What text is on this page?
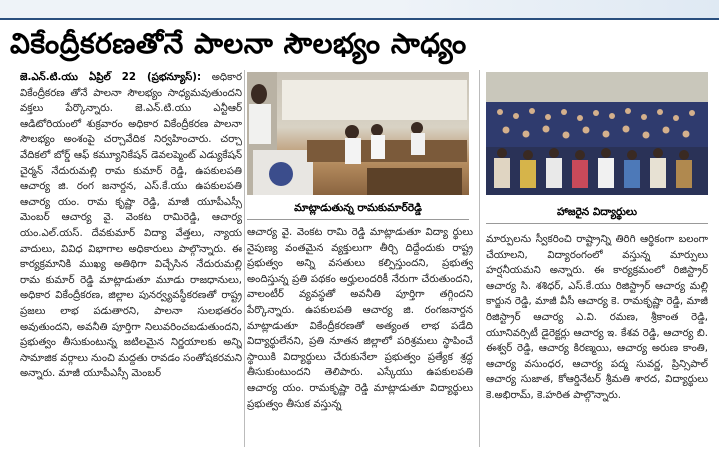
వికేంద్రీకరణతోనే పాలనా సౌలభ్యం సాధ్యం
జె.ఎన్.టి.యు ఏప్రిల్ 22 (ప్రభన్యూస్): అధికార వికేంద్రీకరణ తోనే పాలనా సౌలభ్యం సాధ్యమవుతుందని వక్తలు పేర్కొన్నారు. జె.ఎన్.టి.యు ఎన్టీఆర్ ఆడిటోరియంలో శుక్రవారం అధికార వికేంద్రీకరణ పాలనా సౌలభ్యం అంశంపై చర్చావేదిక నిర్వహించారు. చర్చా వేదికలో బోర్డ్ ఆఫ్ కమ్యూనికేషన్ డెవలప్మెంట్ ఎడ్యుకేషన్ చైర్మన్ నేదురుమల్లి రామ కుమార్ రెడ్డి, ఉపకులపతి ఆచార్య జి. రంగ జనార్దన, ఎస్.కే.యు ఉపకులపతి ఆచార్య యం. రామ కృష్ణా రెడ్డి, మాజీ యూపీఎస్సీ మెంబర్ ఆచార్య వై. వెంకట రామిరెడ్డి, ఆచార్య యం.ఎల్.యస్. దేవకుమార్ విద్యా వేత్తలు, న్యాయ వాదులు, వివిధ విభాగాల అధికారులు పాల్గొన్నారు. ఈ కార్యక్రమానికి ముఖ్య అతిథిగా విచ్చేసిన నేదురుమల్లి రామ కుమార్ రెడ్డి మాట్లాడుతూ మూడు రాజధానులు, అధికార వికేంద్రీకరణ, జిల్లాల పునర్వ్యవస్థీకరణతో రాష్ట్ర ప్రజలు లాభ పడుతారని, పాలనా సులభతరం అవుతుందని, అవనీతి పూర్తిగా నిలువరించబడుతుందని, ప్రభుత్వం తీసుకుంటున్న జటిలమైన నిర్ణయాలకు అన్ని సామాజిక వర్గాలు నుంచి మద్దతు రావడం సంతోషకరమని అన్నారు. మాజీ యూపీఎస్సీ మెంబర్
మాట్లాడుతున్న రామకుమార్‌రెడ్డి	హాజరైన విద్యార్థులు
ఆచార్య వై. వెంకట రామి రెడ్డి మాట్లాడుతూ విద్యా ర్థులు నైపుణ్య వంతమైన వ్యక్తులుగా తీర్చి దిద్దేందుకు రాష్ట్ర ప్రభుత్వం అన్ని వసతులు కల్పిస్తుందని, ప్రభుత్వ అందిస్తున్న ప్రతి పథకం అర్హులందరికీ నేరుగా చేరుతుందని, వాలంటీర్ వ్యవస్థతో అవనీతి పూర్తిగా తగ్గిందని పేర్కొన్నారు. ఉపకులపతి ఆచార్య జి. రంగజనార్దన మాట్లాడుతూ వికేంద్రీకరణతో అత్యంత లాభ పడేది విద్యార్థులేనని, ప్రతి నూతన జిల్లాలో పరిశ్రమలు స్థాపించే స్థాయికి విద్యార్థులు చేరుకునేలా ప్రభుత్వం ప్రత్యేక శ్రద్ధ తీసుకుంటుందని తెలిపారు. ఎస్కేయు ఉపకులపతి ఆచార్య యం. రామకృష్ణా రెడ్డి మాట్లాడుతూ విద్యార్థులు ప్రభుత్వం తీసుక వస్తున్న
మార్పులను స్వీకరించి రాష్ట్రాన్ని తిరిగి ఆర్థికంగా బలంగా చేయాలని, విద్యారంగంలో వస్తున్న మార్పులు హర్షనీయమని అన్నారు. ఈ కార్యక్రమంలో రిజిస్ట్రార్ ఆచార్య సి. శశిధర్, ఎస్.కే.యు రిజిస్ట్రార్ ఆచార్య మల్లి కార్జున రెడ్డి, మాజీ వీసీ ఆచార్య కె. రామకృష్ణా రెడ్డి, మాజీ రిజిస్ట్రార్ ఆచార్య ఎ.వి. రమణ, శ్రీకాంత రెడ్డి, యూనివర్సిటీ డైరెక్టర్లు ఆచార్య ఇ. కేశవ రెడ్డి, ఆచార్య బి. ఈశ్వర్ రెడ్డి, ఆచార్య కిరణ్మయి, ఆచార్య అరుణ కాంతి, ఆచార్య వసుంధర, ఆచార్య పద్మ సువర్ణ, ప్రిన్సిపాల్ ఆచార్య సుజాత, కోఆర్డినేటర్ శ్రీమతి శారద, విద్యార్థులు కె.అభిరామ్, కె.హరిత పాల్గొన్నారు.
